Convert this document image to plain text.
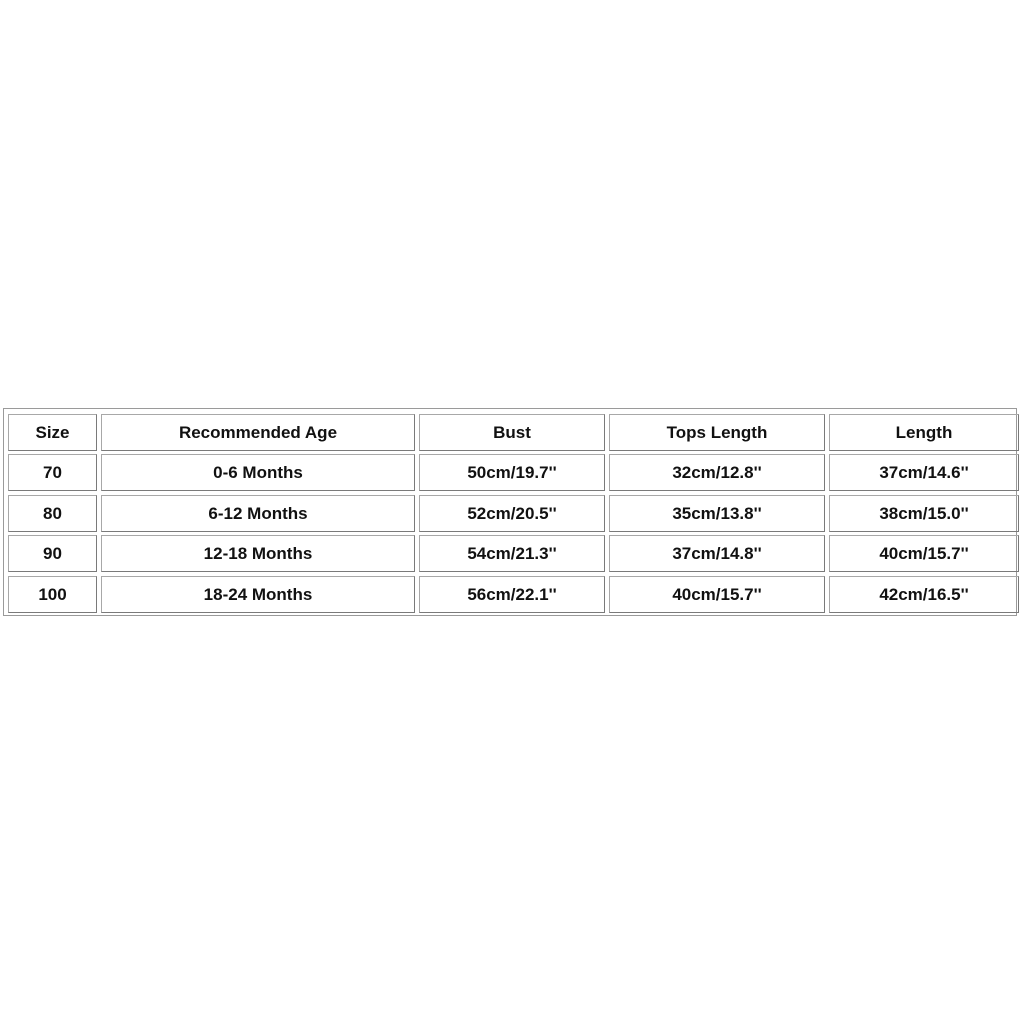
Size	Recommended Age	Bust	Tops Length	Length
70	0-6 Months	50cm/19.7''	32cm/12.8''	37cm/14.6''
80	6-12 Months	52cm/20.5''	35cm/13.8''	38cm/15.0''
90	12-18 Months	54cm/21.3''	37cm/14.8''	40cm/15.7''
100	18-24 Months	56cm/22.1''	40cm/15.7''	42cm/16.5''
